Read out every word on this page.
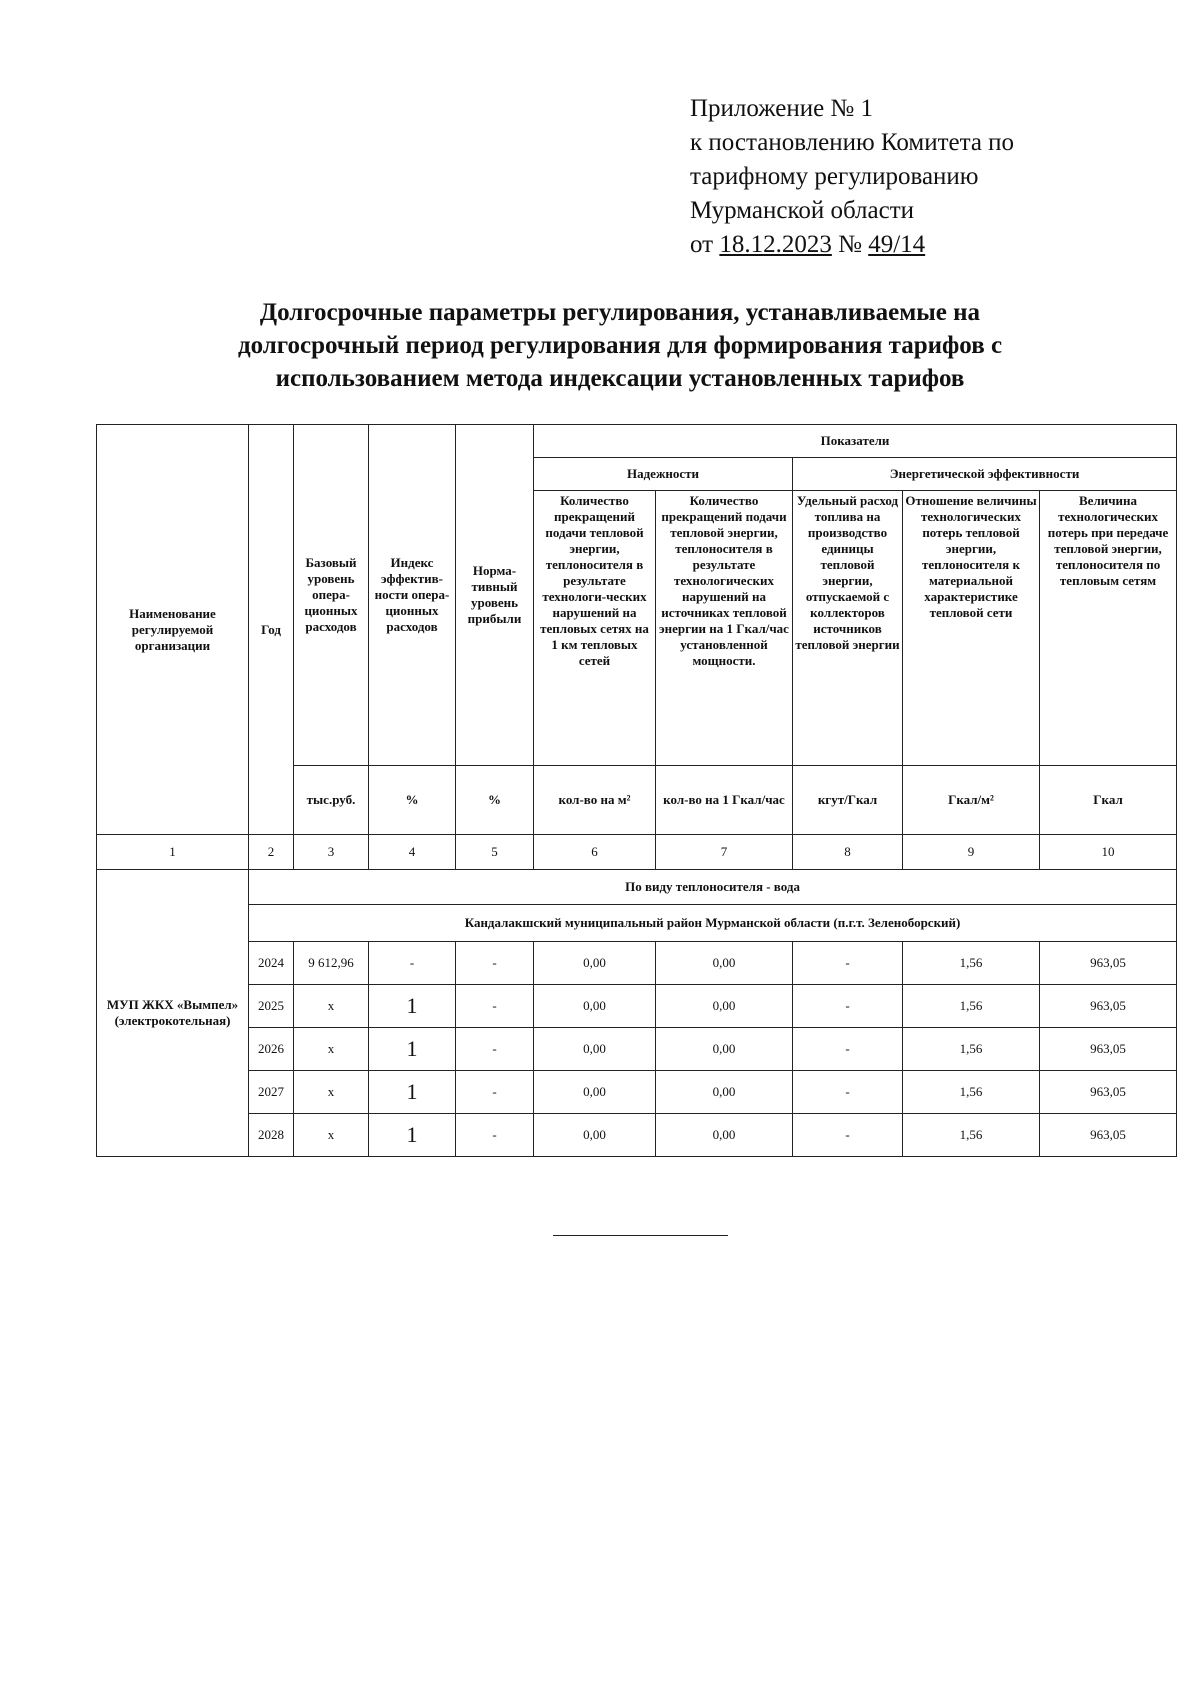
Приложение № 1
к постановлению Комитета по
тарифному регулированию
Мурманской области
от 18.12.2023 № 49/14
Долгосрочные параметры регулирования, устанавливаемые на
долгосрочный период регулирования для формирования тарифов с
использованием метода индексации установленных тарифов
Наименование регулируемой организации	Год	Базовый уровень опера-ционных расходов	Индекс эффектив-ности опера-ционных расходов	Норма-тивный уровень прибыли	Показатели				
					Надежности		Энергетической эффективности		
					Количество прекращений подачи тепловой энергии, теплоносителя в результате технологи-ческих нарушений на тепловых сетях на 1 км тепловых сетей	Количество прекращений подачи тепловой энергии, теплоносителя в результате технологических нарушений на источниках тепловой энергии на 1 Гкал/час установленной мощности.	Удельный расход топлива на производство единицы тепловой энергии, отпускаемой с коллекторов источников тепловой энергии	Отношение величины технологических потерь тепловой энергии, теплоносителя к материальной характеристике тепловой сети	Величина технологических потерь при передаче тепловой энергии, теплоносителя по тепловым сетям
		тыс.руб.	%	%	кол-во на м²	кол-во на 1 Гкал/час	кгут/Гкал	Гкал/м²	Гкал
1	2	3	4	5	6	7	8	9	10
МУП ЖКХ «Вымпел» (электрокотельная)	По виду теплоносителя - вода								
	Кандалакшский муниципальный район Мурманской области (п.г.т. Зеленоборский)								
	2024	9 612,96	-	-	0,00	0,00	-	1,56	963,05
	2025	x	1	-	0,00	0,00	-	1,56	963,05
	2026	x	1	-	0,00	0,00	-	1,56	963,05
	2027	x	1	-	0,00	0,00	-	1,56	963,05
	2028	x	1	-	0,00	0,00	-	1,56	963,05
